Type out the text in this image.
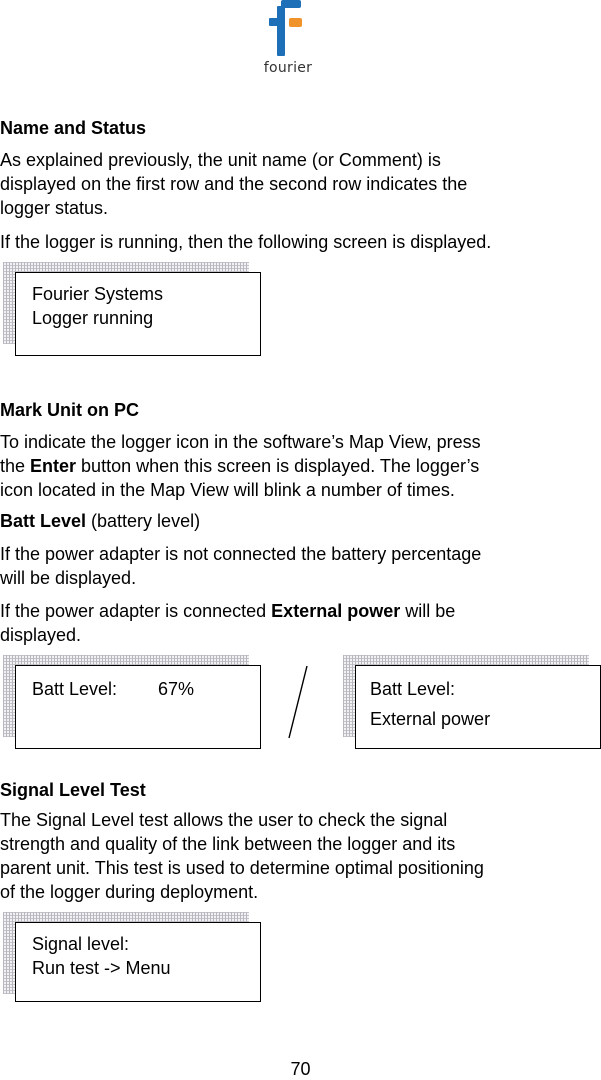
fourier
Name and Status
As explained previously, the unit name (or Comment) is
displayed on the first row and the second row indicates the
logger status.
If the logger is running, then the following screen is displayed.
Fourier Systems
Logger running
Mark Unit on PC
To indicate the logger icon in the software’s Map View, press
the Enter button when this screen is displayed. The logger’s
icon located in the Map View will blink a number of times.
Batt Level (battery level)
If the power adapter is not connected the battery percentage
will be displayed.
If the power adapter is connected External power will be
displayed.
Batt Level: 67%	Batt Level:
External power
Signal Level Test
The Signal Level test allows the user to check the signal
strength and quality of the link between the logger and its
parent unit. This test is used to determine optimal positioning
of the logger during deployment.
Signal level:
Run test -> Menu
70
